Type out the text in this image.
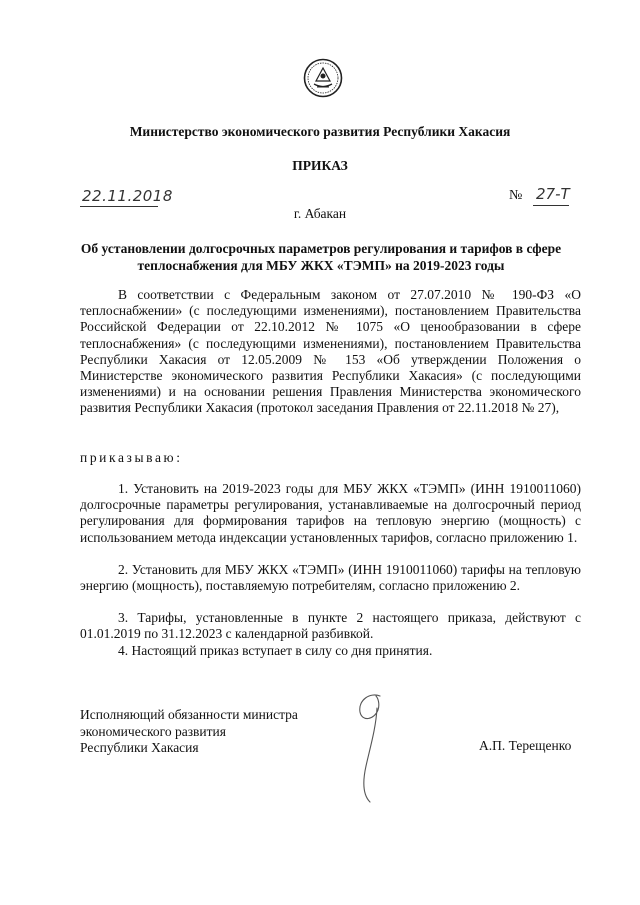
Министерство экономического развития Республики Хакасия
ПРИКАЗ
22.11.2018	№ 27-Т
г. Абакан
Об установлении долгосрочных параметров регулирования и тарифов в сфере теплоснабжения для МБУ ЖКХ «ТЭМП» на 2019-2023 годы
В соответствии с Федеральным законом от 27.07.2010 № 190-ФЗ «О теплоснабжении» (с последующими изменениями), постановлением Правительства Российской Федерации от 22.10.2012 № 1075 «О ценообразовании в сфере теплоснабжения» (с последующими изменениями), постановлением Правительства Республики Хакасия от 12.05.2009 № 153 «Об утверждении Положения о Министерстве экономического развития Республики Хакасия» (с последующими изменениями) и на основании решения Правления Министерства экономического развития Республики Хакасия (протокол заседания Правления от 22.11.2018 № 27),
приказываю:
1. Установить на 2019-2023 годы для МБУ ЖКХ «ТЭМП» (ИНН 1910011060) долгосрочные параметры регулирования, устанавливаемые на долгосрочный период регулирования для формирования тарифов на тепловую энергию (мощность) с использованием метода индексации установленных тарифов, согласно приложению 1.
2. Установить для МБУ ЖКХ «ТЭМП» (ИНН 1910011060) тарифы на тепловую энергию (мощность), поставляемую потребителям, согласно приложению 2.
3. Тарифы, установленные в пункте 2 настоящего приказа, действуют с 01.01.2019 по 31.12.2023 с календарной разбивкой.
4. Настоящий приказ вступает в силу со дня принятия.
Исполняющий обязанности министра
экономического развития
Республики Хакасия	А.П. Терещенко
